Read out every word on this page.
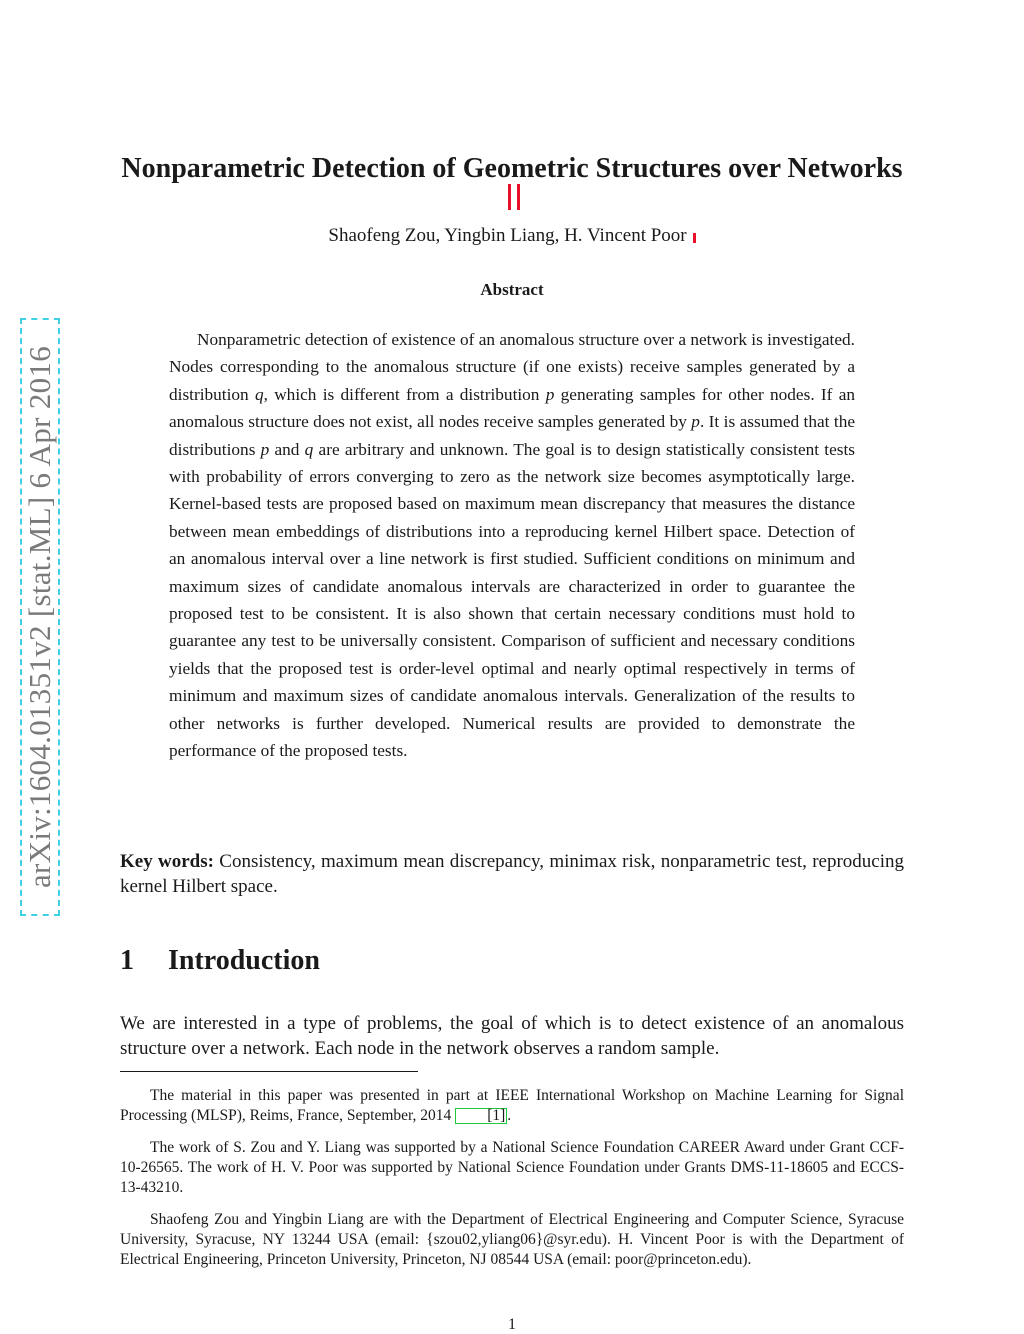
arXiv:1604.01351v2 [stat.ML] 6 Apr 2016
Nonparametric Detection of Geometric Structures over Networks
Shaofeng Zou, Yingbin Liang, H. Vincent Poor
Abstract

Nonparametric detection of existence of an anomalous structure over a network is investigated. Nodes corresponding to the anomalous structure (if one exists) receive samples generated by a distribution q, which is different from a distribution p generating samples for other nodes. If an anomalous structure does not exist, all nodes receive samples generated by p. It is assumed that the distributions p and q are arbitrary and unknown. The goal is to design statistically consistent tests with probability of errors converging to zero as the network size becomes asymptotically large. Kernel-based tests are proposed based on maximum mean discrepancy that measures the distance between mean embeddings of distributions into a reproducing kernel Hilbert space. Detection of an anomalous interval over a line network is first studied. Sufficient conditions on minimum and maximum sizes of candidate anomalous intervals are characterized in order to guarantee the proposed test to be consistent. It is also shown that certain necessary conditions must hold to guarantee any test to be universally consistent. Comparison of sufficient and necessary conditions yields that the proposed test is order-level optimal and nearly optimal respectively in terms of minimum and maximum sizes of candidate anomalous intervals. Generalization of the results to other networks is further developed. Numerical results are provided to demonstrate the performance of the proposed tests.

Key words: Consistency, maximum mean discrepancy, minimax risk, nonparametric test, reproducing kernel Hilbert space.

1 Introduction

We are interested in a type of problems, the goal of which is to detect existence of an anomalous structure over a network. Each node in the network observes a random sample.

The material in this paper was presented in part at IEEE International Workshop on Machine Learning for Signal Processing (MLSP), Reims, France, September, 2014 [1] .

The work of S. Zou and Y. Liang was supported by a National Science Foundation CAREER Award under Grant CCF-10-26565. The work of H. V. Poor was supported by National Science Foundation under Grants DMS-11-18605 and ECCS-13-43210.

Shaofeng Zou and Yingbin Liang are with the Department of Electrical Engineering and Computer Science, Syracuse University, Syracuse, NY 13244 USA (email: {szou02,yliang06}@syr.edu). H. Vincent Poor is with the Department of Electrical Engineering, Princeton University, Princeton, NJ 08544 USA (email: poor@princeton.edu).

1
